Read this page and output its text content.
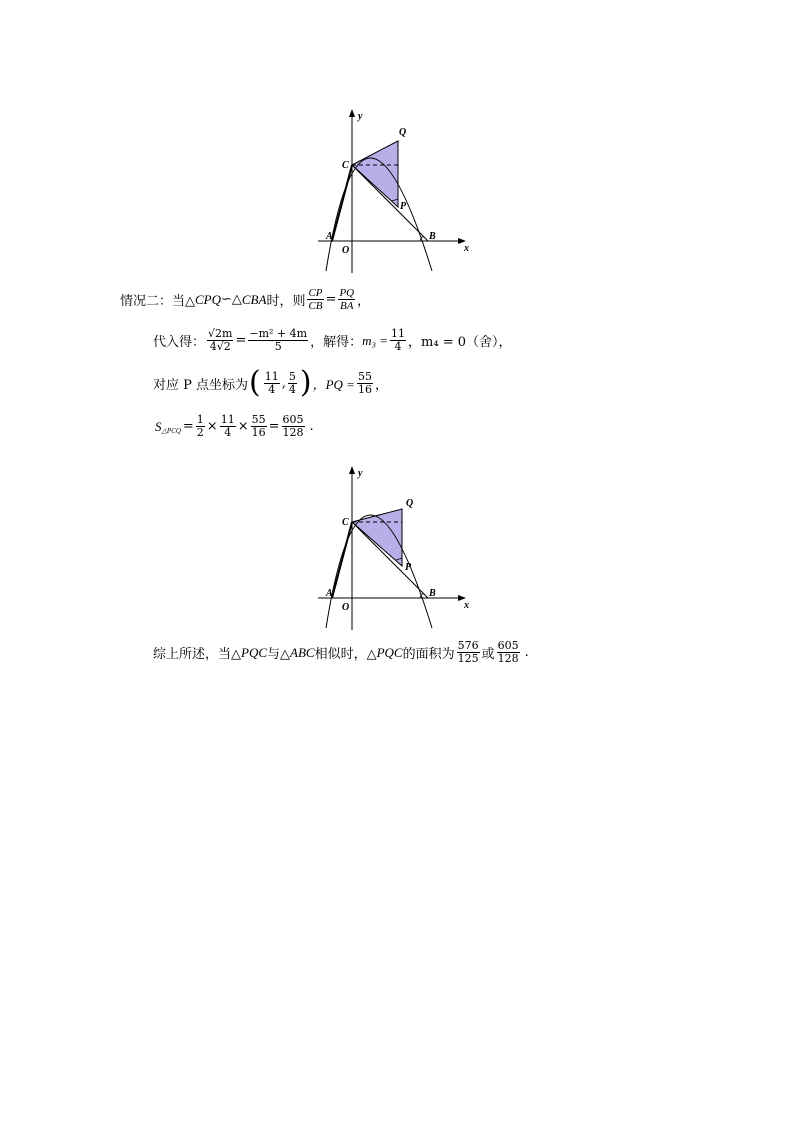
y
x
Q
C
P
A
O
B
情况二：当△ CPQ ∽△ CBA 时，则 $\frac{CP}{CB} = \frac{PQ}{BA}$ ，
代入得： $\frac{√2m}{4√2} = \frac{\text{−m² + 4m}}{5}$ ，解得： $m_3 = \frac{11}{4}$ ， m₄ = 0（舍），
对应 P 点坐标为 ( $\frac{11}{4}$ , $\frac{5}{4}$ ) ，PQ = $\frac{55}{16}$ ，
S △PCQ = $\frac{1}{2} \times \frac{11}{4} \times \frac{55}{16} = \frac{605}{128}$ .
y
x
Q
C
P
A
O
B
综上所述，当△ PQC 与△ ABC 相似时，△ PQC 的面积为 $\frac{576}{125}$ 或 $\frac{605}{128}$ .
